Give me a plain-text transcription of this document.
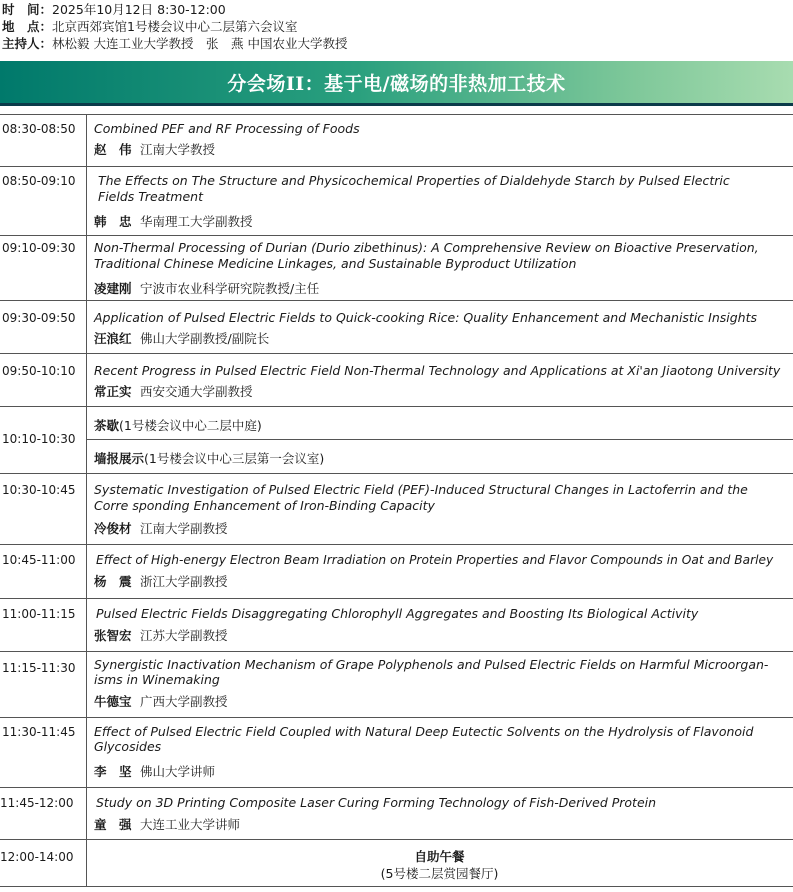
时　间：2025年10月12日 8:30-12:00
地　点：北京西郊宾馆1号楼会议中心二层第六会议室
主持人：林松毅 大连工业大学教授　张　燕 中国农业大学教授
分会场II：基于电/磁场的非热加工技术
08:30-08:50 Combined PEF and RF Processing of Foods
赵　伟 江南大学教授
08:50-09:10 The Effects on The Structure and Physicochemical Properties of Dialdehyde Starch by Pulsed Electric Fields Treatment
韩　忠 华南理工大学副教授
09:10-09:30 Non-Thermal Processing of Durian (Durio zibethinus): A Comprehensive Review on Bioactive Preservation, Traditional Chinese Medicine Linkages, and Sustainable Byproduct Utilization
凌建刚 宁波市农业科学研究院教授/主任
09:30-09:50 Application of Pulsed Electric Fields to Quick-cooking Rice: Quality Enhancement and Mechanistic Insights
汪浪红 佛山大学副教授/副院长
09:50-10:10 Recent Progress in Pulsed Electric Field Non-Thermal Technology and Applications at Xi'an Jiaotong University
常正实 西安交通大学副教授
10:10-10:30
茶歇(1号楼会议中心二层中庭)
墙报展示(1号楼会议中心三层第一会议室)
10:30-10:45 Systematic Investigation of Pulsed Electric Field (PEF)-Induced Structural Changes in Lactoferrin and the Corre sponding Enhancement of Iron-Binding Capacity
冷俊材 江南大学副教授
10:45-11:00 Effect of High-energy Electron Beam Irradiation on Protein Properties and Flavor Compounds in Oat and Barley
杨　震 浙江大学副教授
11:00-11:15 Pulsed Electric Fields Disaggregating Chlorophyll Aggregates and Boosting Its Biological Activity
张智宏 江苏大学副教授
11:15-11:30 Synergistic Inactivation Mechanism of Grape Polyphenols and Pulsed Electric Fields on Harmful Microorgan-isms in Winemaking
牛德宝 广西大学副教授
11:30-11:45 Effect of Pulsed Electric Field Coupled with Natural Deep Eutectic Solvents on the Hydrolysis of Flavonoid Glycosides
李　坚 佛山大学讲师
11:45-12:00 Study on 3D Printing Composite Laser Curing Forming Technology of Fish-Derived Protein
童　强 大连工业大学讲师
12:00-14:00	自助午餐
(5号楼二层赏园餐厅)
